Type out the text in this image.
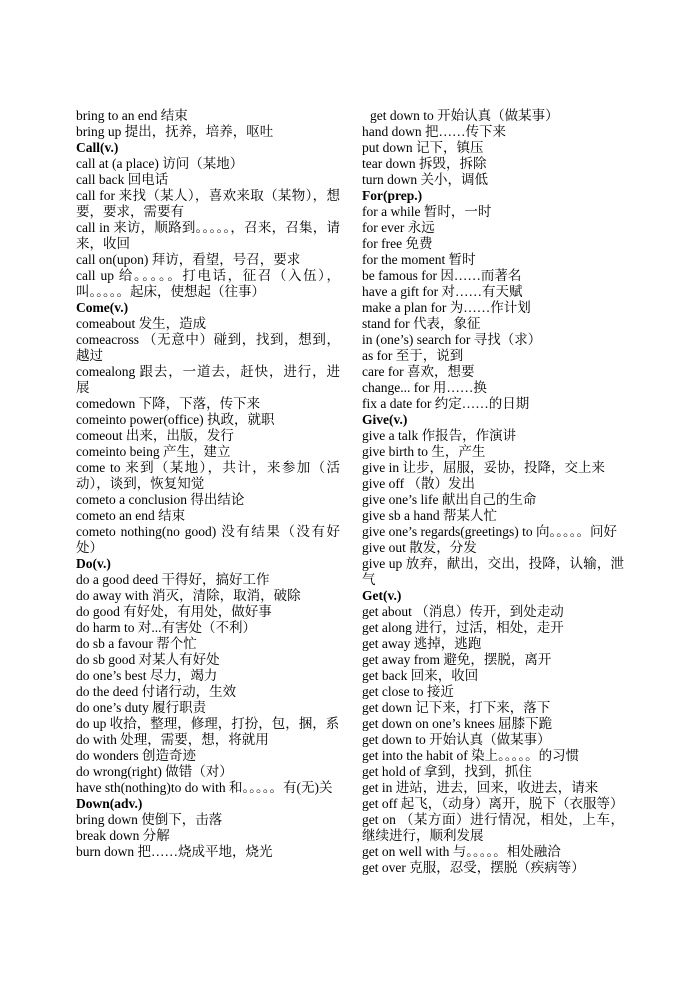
bring to an end 结束

bring up 提出，抚养，培养，呕吐

Call(v.)

call at (a place) 访问（某地）

call back 回电话

call for 来找（某人），喜欢来取（某物），想要，要求，需要有

call in 来访，顺路到。。。。。，召来，召集，请来，收回

call on(upon) 拜访，看望，号召，要求

call up 给。。。。。打电话，征召（入伍），叫。。。。。起床，使想起（往事）

Come(v.)

comeabout 发生，造成

comeacross （无意中）碰到，找到，想到，越过

comealong 跟去，一道去，赶快，进行，进展

comedown 下降，下落，传下来

comeinto power(office) 执政，就职

comeout 出来，出版，发行

comeinto being 产生，建立

come to 来到（某地），共计，来参加（活动），谈到，恢复知觉

cometo a conclusion 得出结论

cometo an end 结束

cometo nothing(no good) 没有结果（没有好处）

Do(v.)

do a good deed 干得好，搞好工作

do away with 消灭，清除，取消，破除

do good 有好处，有用处，做好事

do harm to 对...有害处（不利）

do sb a favour 帮个忙

do sb good 对某人有好处

do one’s best 尽力，竭力

do the deed 付诸行动，生效

do one’s duty 履行职责

do up 收拾，整理，修理，打扮，包，捆，系

do with 处理，需要，想，将就用

do wonders 创造奇迹

do wrong(right) 做错（对）

have sth(nothing)to do with 和。。。。。有(无)关

Down(adv.)

bring down 使倒下，击落

break down 分解

burn down 把……烧成平地，烧光

get down to 开始认真（做某事）

hand down 把……传下来

put down 记下，镇压

tear down 拆毁，拆除

turn down 关小，调低

For(prep.)

for a while 暂时，一时

for ever 永远

for free 免费

for the moment 暂时

be famous for 因……而著名

have a gift for 对……有天赋

make a plan for 为……作计划

stand for 代表，象征

in (one’s) search for 寻找（求）

as for 至于，说到

care for 喜欢，想要

change... for 用……换

fix a date for 约定……的日期

Give(v.)

give a talk 作报告，作演讲

give birth to 生，产生

give in 让步，屈服，妥协，投降，交上来

give off （散）发出

give one’s life 献出自己的生命

give sb a hand 帮某人忙

give one’s regards(greetings) to 向。。。。。问好

give out 散发，分发

give up 放弃，献出，交出，投降，认输，泄气

Get(v.)

get about （消息）传开，到处走动

get along 进行，过活，相处，走开

get away 逃掉，逃跑

get away from 避免，摆脱，离开

get back 回来，收回

get close to 接近

get down 记下来，打下来，落下

get down on one’s knees 屈膝下跪

get down to 开始认真（做某事）

get into the habit of 染上。。。。。的习惯

get hold of 拿到，找到，抓住

get in 进站，进去，回来，收进去，请来

get off 起飞，（动身）离开，脱下（衣服等）

get on （某方面）进行情况，相处，上车，继续进行，顺利发展

get on well with 与。。。。。相处融洽

get over 克服，忍受，摆脱（疾病等）
